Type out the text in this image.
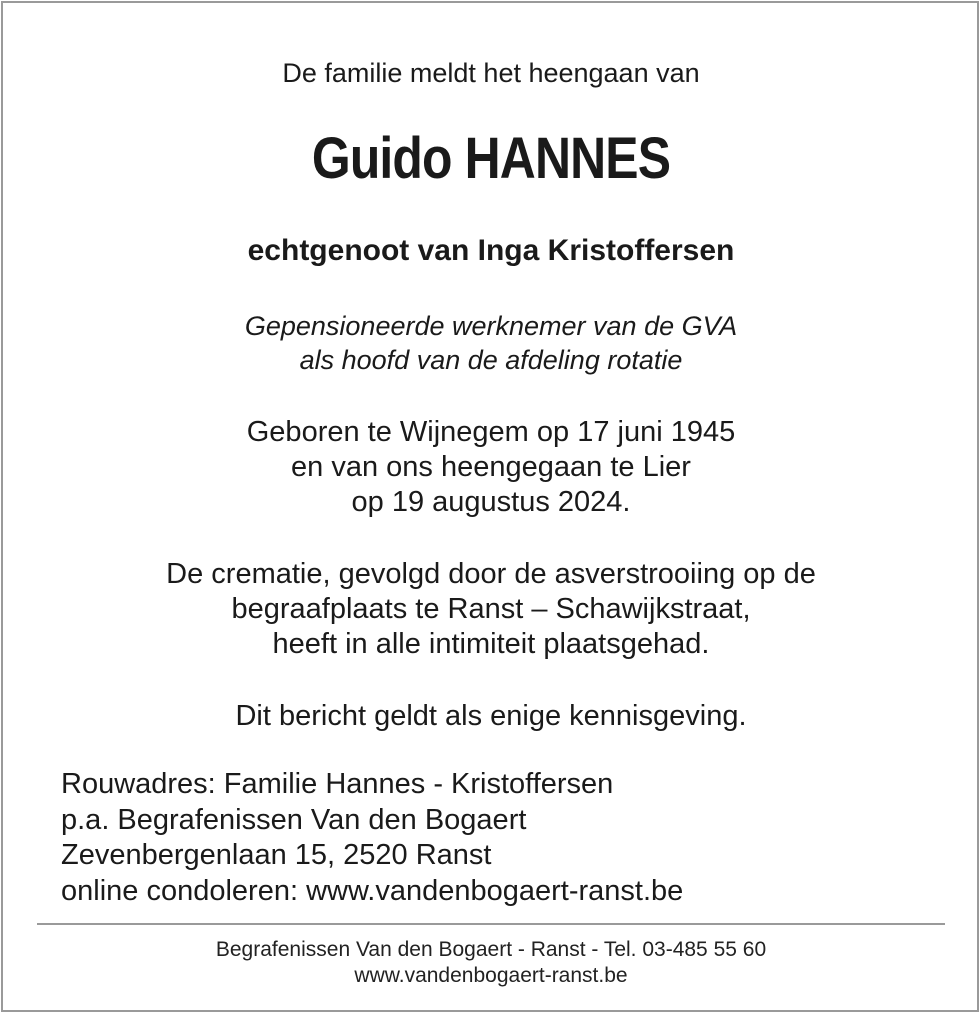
De familie meldt het heengaan van
Guido HANNES
echtgenoot van Inga Kristoffersen
Gepensioneerde werknemer van de GVA
als hoofd van de afdeling rotatie
Geboren te Wijnegem op 17 juni 1945
en van ons heengegaan te Lier
op 19 augustus 2024.
De crematie, gevolgd door de asverstrooiing op de
begraafplaats te Ranst – Schawijkstraat,
heeft in alle intimiteit plaatsgehad.
Dit bericht geldt als enige kennisgeving.
Rouwadres: Familie Hannes - Kristoffersen
p.a. Begrafenissen Van den Bogaert
Zevenbergenlaan 15, 2520 Ranst
online condoleren: www.vandenbogaert-ranst.be
Begrafenissen Van den Bogaert - Ranst - Tel. 03-485 55 60
www.vandenbogaert-ranst.be
